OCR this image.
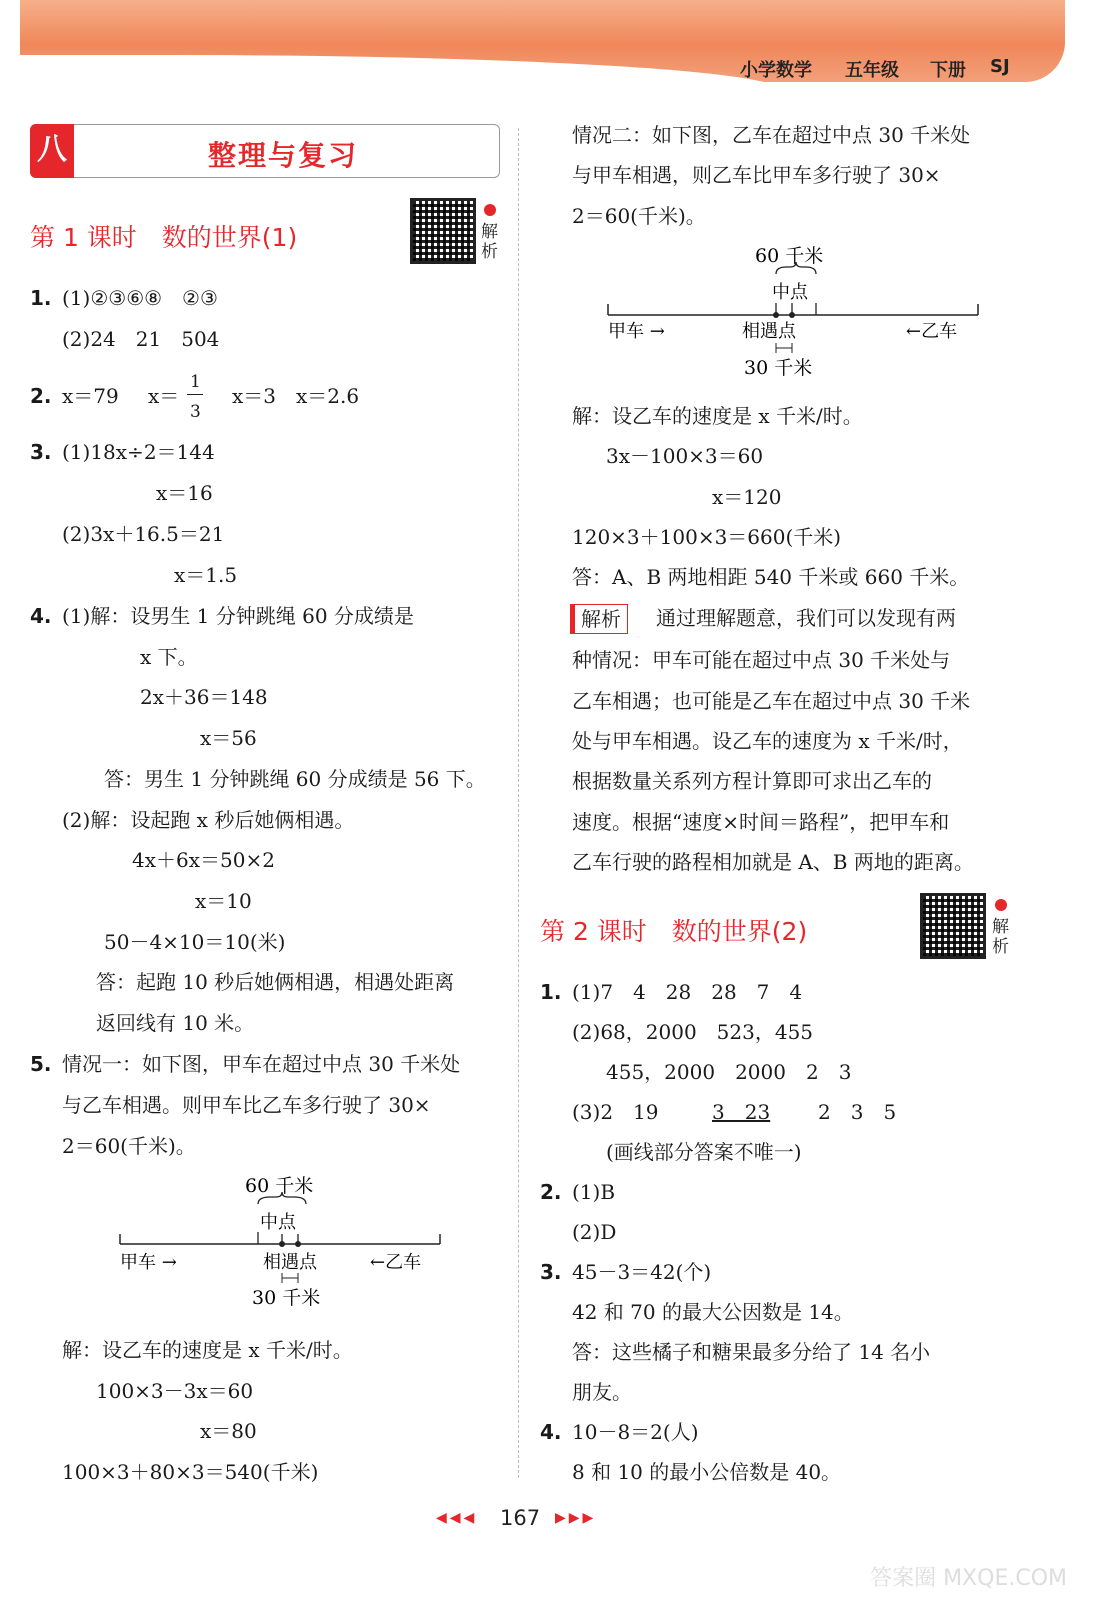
小学数学 五年级 下册 SJ
八	整理与复习
第 1 课时　数的世界(1)	解析
1. (1)②③⑥⑧　②③
(2)24　21　504
2. x＝79 x＝	x＝3　x＝2.6
1
3
3. (1)18x÷2＝144
x＝16
(2)3x＋16.5＝21
x＝1.5
4. (1)解：设男生 1 分钟跳绳 60 分成绩是
x 下。
2x＋36＝148
x＝56
答：男生 1 分钟跳绳 60 分成绩是 56 下。
(2)解：设起跑 x 秒后她俩相遇。
4x＋6x＝50×2
x＝10
50－4×10＝10(米)
答：起跑 10 秒后她俩相遇，相遇处距离
返回线有 10 米。
5. 情况一：如下图，甲车在超过中点 30 千米处
与乙车相遇。则甲车比乙车多行驶了 30×
2＝60(千米)。
60 千米
中点
甲车 →	←乙车
相遇点
30 千米
解：设乙车的速度是 x 千米/时。
100×3－3x＝60
x＝80
100×3＋80×3＝540(千米)
情况二：如下图，乙车在超过中点 30 千米处
与甲车相遇，则乙车比甲车多行驶了 30×
2＝60(千米)。
60 千米
中点
甲车 →	←乙车
相遇点
30 千米
解：设乙车的速度是 x 千米/时。
3x－100×3＝60
x＝120
120×3＋100×3＝660(千米)
答：A、B 两地相距 540 千米或 660 千米。
解析	通过理解题意，我们可以发现有两
种情况：甲车可能在超过中点 30 千米处与
乙车相遇；也可能是乙车在超过中点 30 千米
处与甲车相遇。设乙车的速度为 x 千米/时，
根据数量关系列方程计算即可求出乙车的
速度。根据“速度×时间＝路程”，把甲车和
乙车行驶的路程相加就是 A、B 两地的距离。
第 2 课时　数的世界(2)	解析
1. (1)7　4　28　28　7　4
(2)68，2000　523，455
455，2000　2000　2　3
(3)2　19	3　23 2　3　5
(画线部分答案不唯一)
2. (1)B
(2)D
3. 45－3＝42(个)
42 和 70 的最大公因数是 14。
答：这些橘子和糖果最多分给了 14 名小
朋友。
4. 10－8＝2(人)
8 和 10 的最小公倍数是 40。
◀◀◀ 167 ▶▶▶
答案圈 MXQE.COM
